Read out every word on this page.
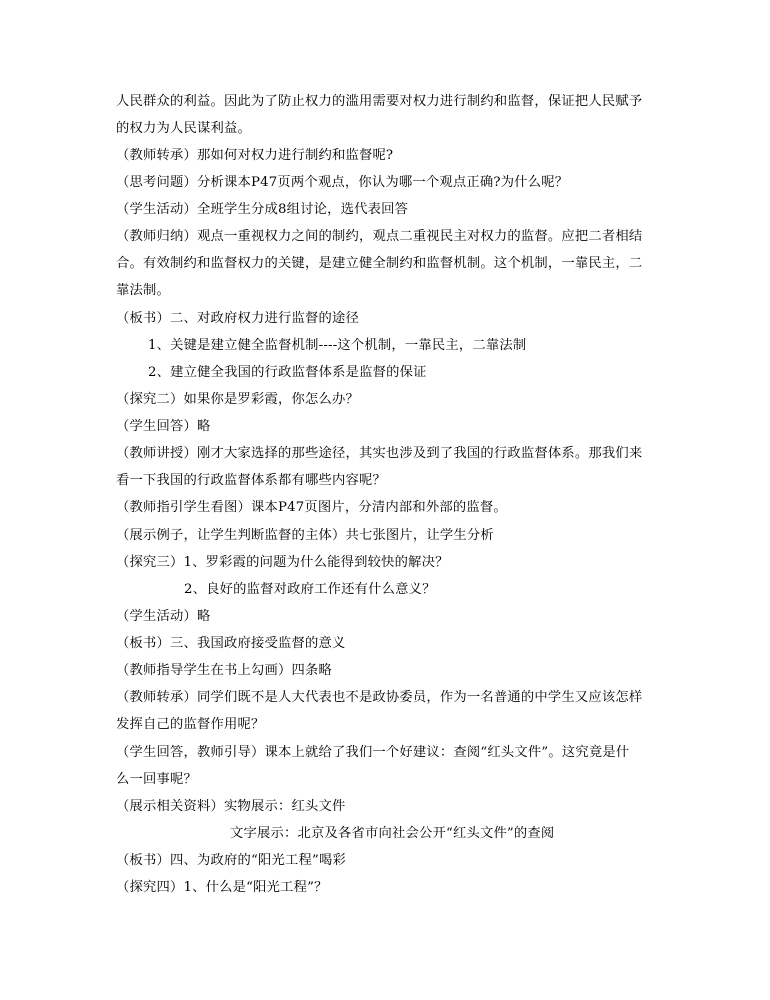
人民群众的利益。因此为了防止权力的滥用需要对权力进行制约和监督，保证把人民赋予
的权力为人民谋利益。
（教师转承）那如何对权力进行制约和监督呢?
（思考问题）分析课本P47页两个观点，你认为哪一个观点正确?为什么呢？
（学生活动）全班学生分成8组讨论，选代表回答
（教师归纳）观点一重视权力之间的制约，观点二重视民主对权力的监督。应把二者相结
合。有效制约和监督权力的关键，是建立健全制约和监督机制。这个机制，一靠民主，二
靠法制。
（板书）二、对政府权力进行监督的途径
1、关键是建立健全监督机制----这个机制，一靠民主，二靠法制
2、建立健全我国的行政监督体系是监督的保证
（探究二）如果你是罗彩霞，你怎么办？
（学生回答）略
（教师讲授）刚才大家选择的那些途径，其实也涉及到了我国的行政监督体系。那我们来
看一下我国的行政监督体系都有哪些内容呢？
（教师指引学生看图）课本P47页图片，分清内部和外部的监督。
（展示例子，让学生判断监督的主体）共七张图片，让学生分析
（探究三）1、罗彩霞的问题为什么能得到较快的解决？
2、良好的监督对政府工作还有什么意义？
（学生活动）略
（板书）三、我国政府接受监督的意义
（教师指导学生在书上勾画）四条略
（教师转承）同学们既不是人大代表也不是政协委员，作为一名普通的中学生又应该怎样
发挥自己的监督作用呢？
（学生回答，教师引导）课本上就给了我们一个好建议：查阅“红头文件”。这究竟是什
么一回事呢？
（展示相关资料）实物展示：红头文件
文字展示：北京及各省市向社会公开“红头文件”的查阅
（板书）四、为政府的“阳光工程”喝彩
（探究四）1、什么是“阳光工程”？
